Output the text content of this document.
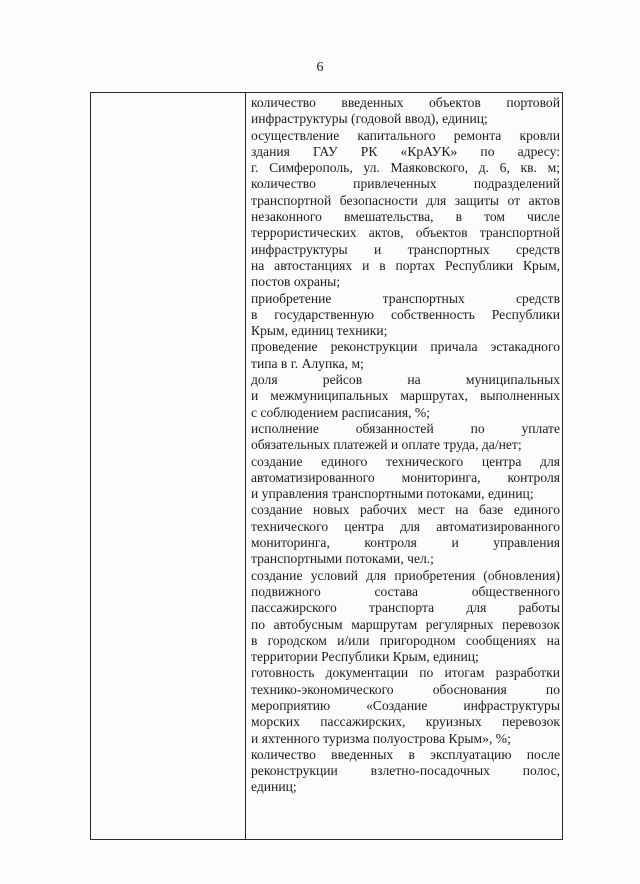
6
количество введенных объектов портовой
инфраструктуры (годовой ввод), единиц;
осуществление капитального ремонта кровли
здания ГАУ РК «КрАУК» по адресу:
г. Симферополь, ул. Маяковского, д. 6, кв. м;
количество привлеченных подразделений
транспортной безопасности для защиты от актов
незаконного вмешательства, в том числе
террористических актов, объектов транспортной
инфраструктуры и транспортных средств
на автостанциях и в портах Республики Крым,
постов охраны;
приобретение транспортных средств
в государственную собственность Республики
Крым, единиц техники;
проведение реконструкции причала эстакадного
типа в г. Алупка, м;
доля рейсов на муниципальных
и межмуниципальных маршрутах, выполненных
с соблюдением расписания, %;
исполнение обязанностей по уплате
обязательных платежей и оплате труда, да/нет;
создание единого технического центра для
автоматизированного мониторинга, контроля
и управления транспортными потоками, единиц;
создание новых рабочих мест на базе единого
технического центра для автоматизированного
мониторинга, контроля и управления
транспортными потоками, чел.;
создание условий для приобретения (обновления)
подвижного состава общественного
пассажирского транспорта для работы
по автобусным маршрутам регулярных перевозок
в городском и/или пригородном сообщениях на
территории Республики Крым, единиц;
готовность документации по итогам разработки
технико-экономического обоснования по
мероприятию «Создание инфраструктуры
морских пассажирских, круизных перевозок
и яхтенного туризма полуострова Крым», %;
количество введенных в эксплуатацию после
реконструкции взлетно-посадочных полос,
единиц;
